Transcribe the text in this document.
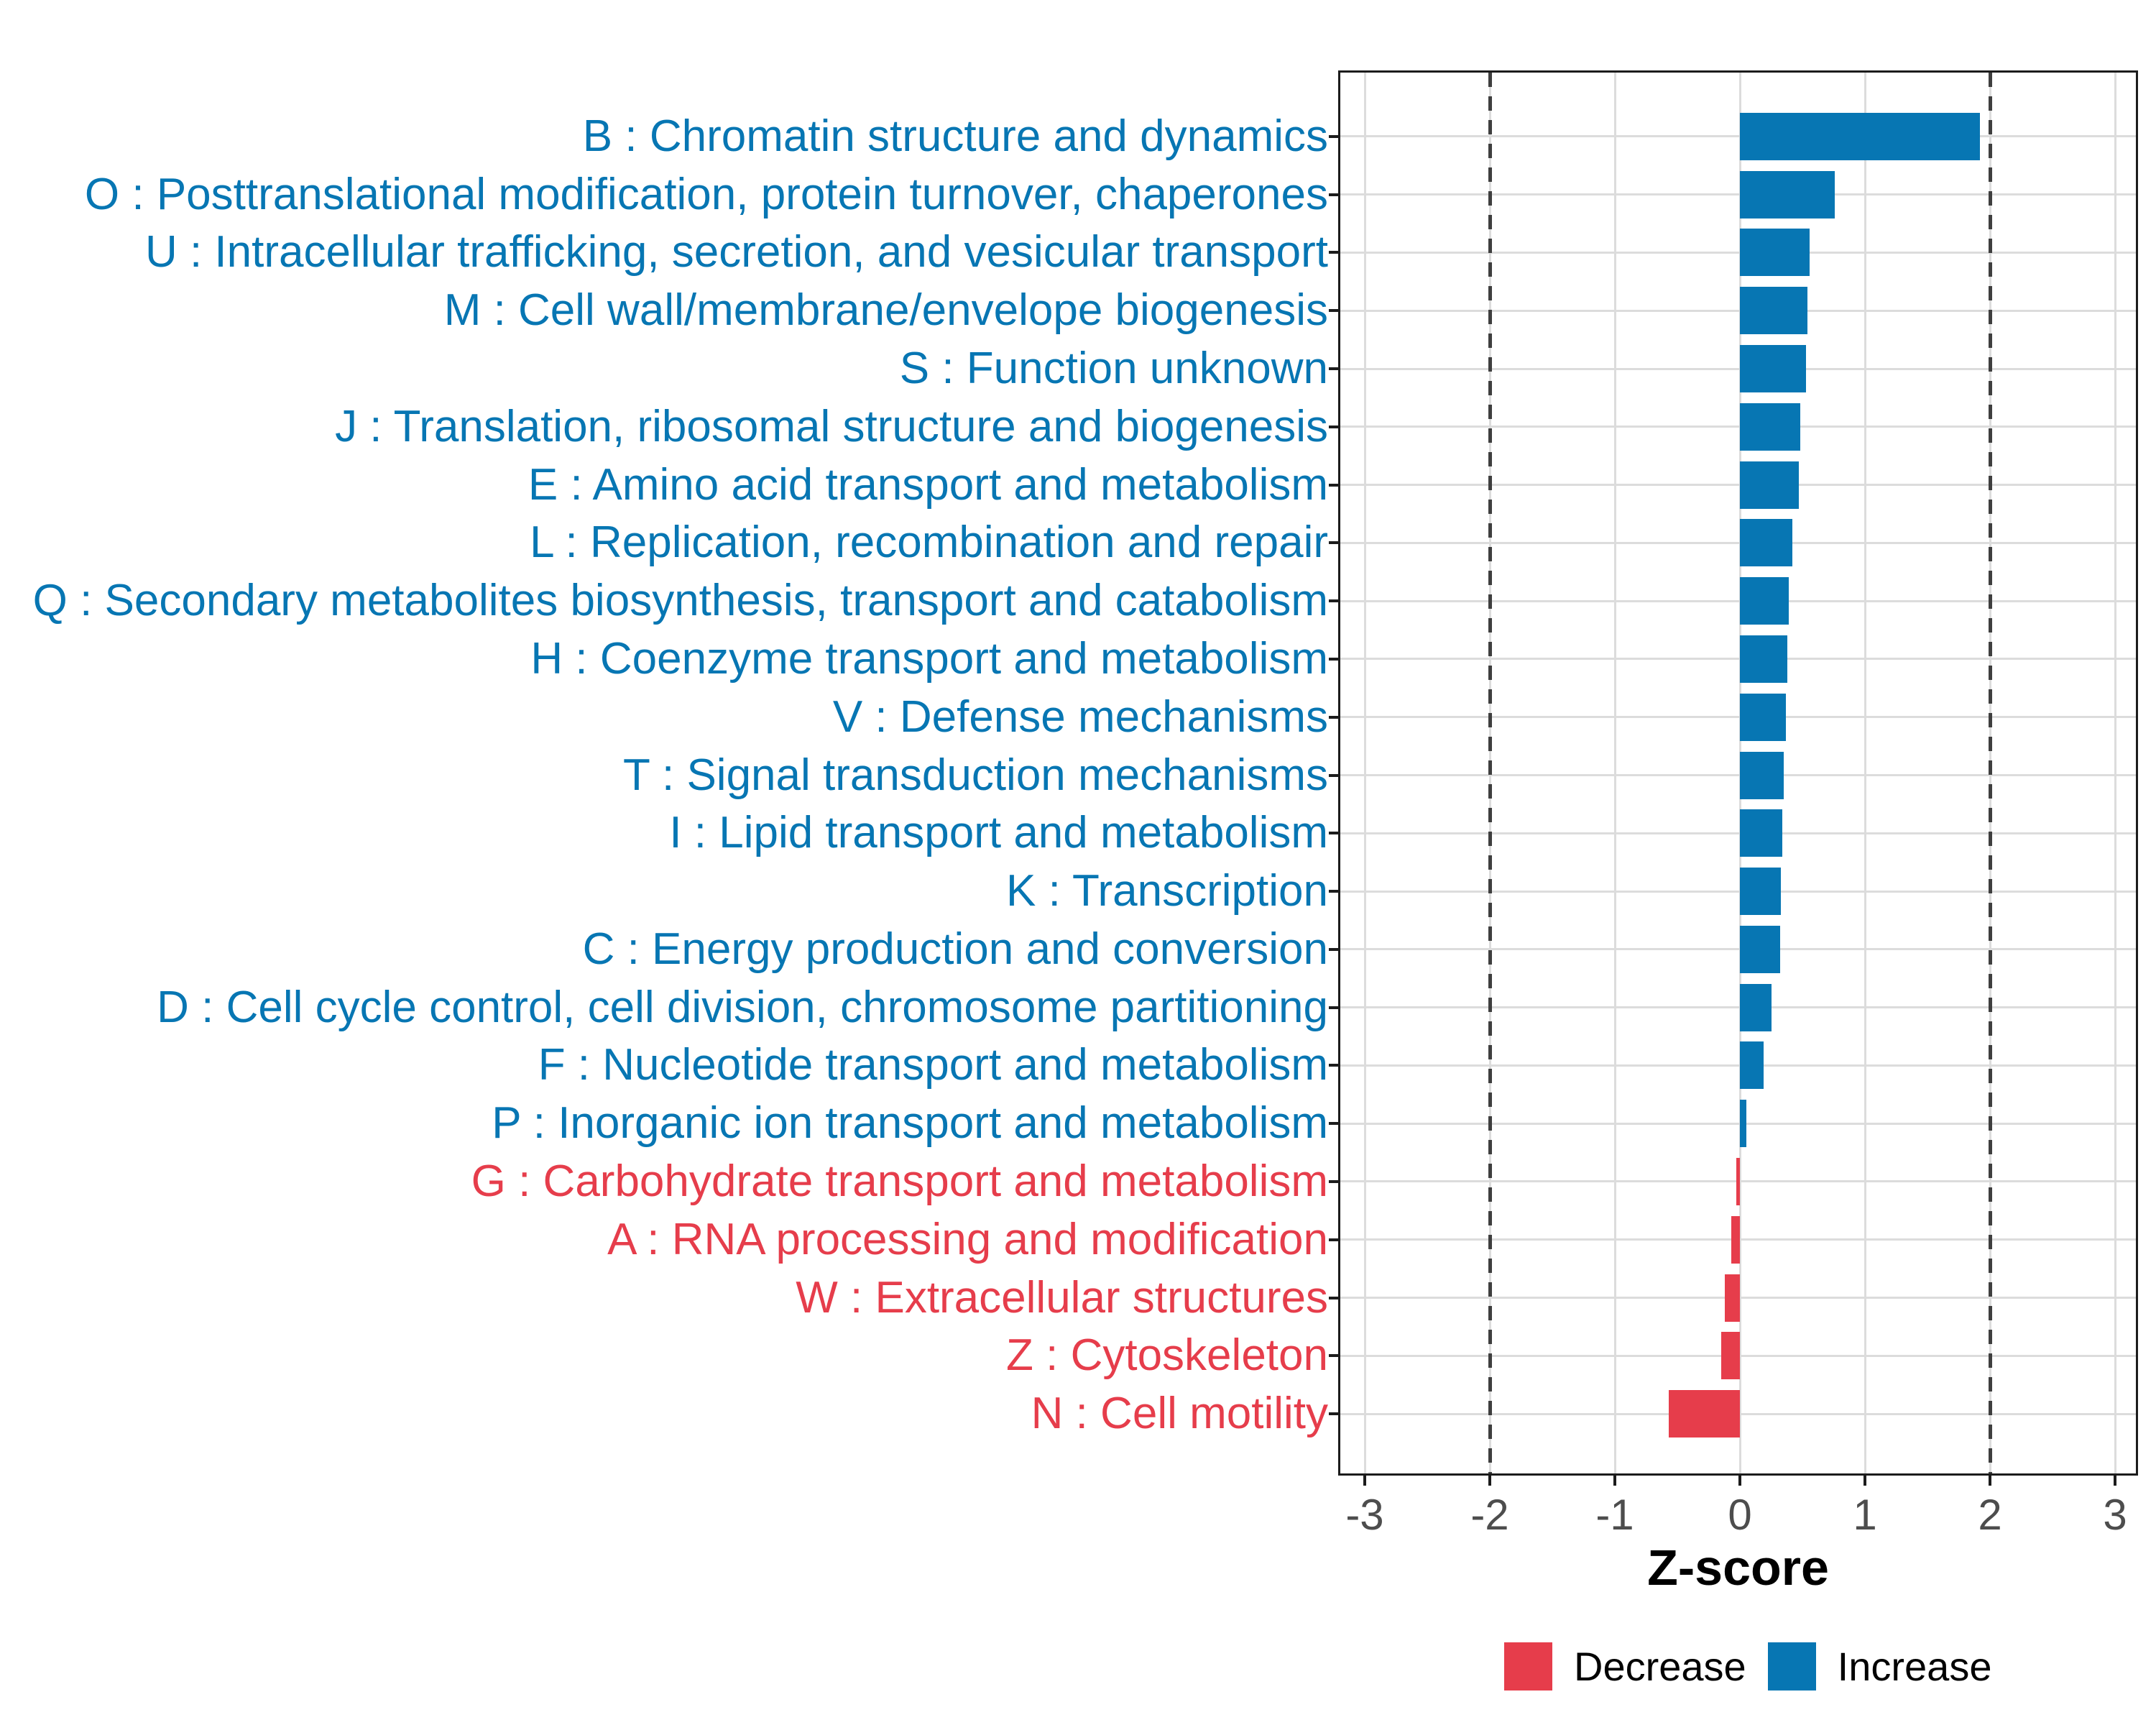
Z-score
Decrease Increase
B : Chromatin structure and dynamics
O : Posttranslational modification, protein turnover, chaperones
U : Intracellular trafficking, secretion, and vesicular transport
M : Cell wall/membrane/envelope biogenesis
S : Function unknown
J : Translation, ribosomal structure and biogenesis
E : Amino acid transport and metabolism
L : Replication, recombination and repair
Q : Secondary metabolites biosynthesis, transport and catabolism
H : Coenzyme transport and metabolism
V : Defense mechanisms
T : Signal transduction mechanisms
I : Lipid transport and metabolism
K : Transcription
C : Energy production and conversion
D : Cell cycle control, cell division, chromosome partitioning
F : Nucleotide transport and metabolism
P : Inorganic ion transport and metabolism
G : Carbohydrate transport and metabolism
A : RNA processing and modification
W : Extracellular structures
Z : Cytoskeleton
N : Cell motility
-3	-2	-1	0	1	2	3
